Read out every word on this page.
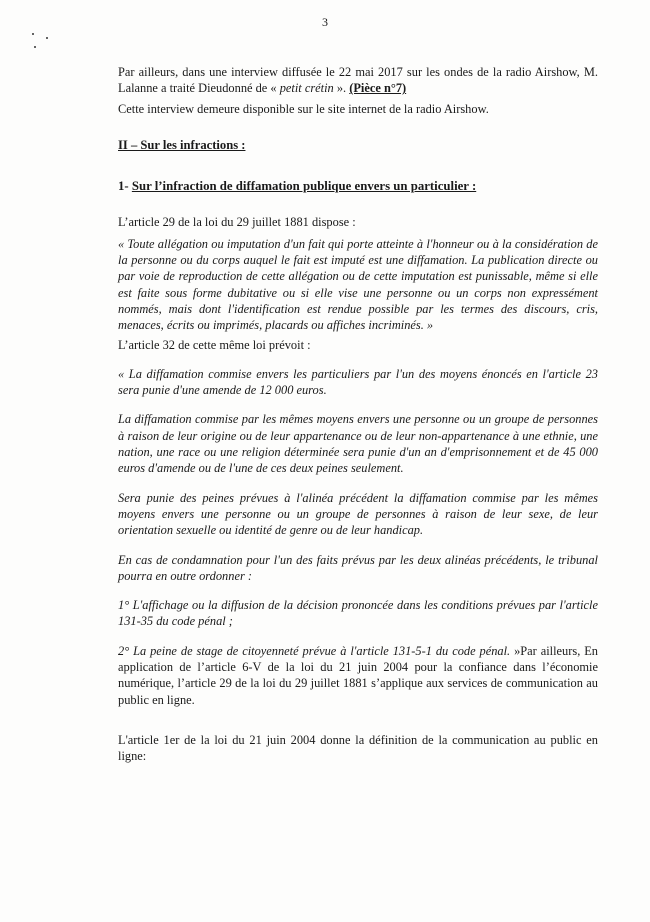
3

Par ailleurs, dans une interview diffusée le 22 mai 2017 sur les ondes de la radio Airshow, M. Lalanne a traité Dieudonné de « petit crétin ». (Pièce n°7)

Cette interview demeure disponible sur le site internet de la radio Airshow.

II – Sur les infractions :

1- Sur l’infraction de diffamation publique envers un particulier :

L’article 29 de la loi du 29 juillet 1881 dispose :

« Toute allégation ou imputation d'un fait qui porte atteinte à l'honneur ou à la considération de la personne ou du corps auquel le fait est imputé est une diffamation. La publication directe ou par voie de reproduction de cette allégation ou de cette imputation est punissable, même si elle est faite sous forme dubitative ou si elle vise une personne ou un corps non expressément nommés, mais dont l'identification est rendue possible par les termes des discours, cris, menaces, écrits ou imprimés, placards ou affiches incriminés. »

L’article 32 de cette même loi prévoit :

« La diffamation commise envers les particuliers par l'un des moyens énoncés en l'article 23 sera punie d'une amende de 12 000 euros.

La diffamation commise par les mêmes moyens envers une personne ou un groupe de personnes à raison de leur origine ou de leur appartenance ou de leur non-appartenance à une ethnie, une nation, une race ou une religion déterminée sera punie d'un an d'emprisonnement et de 45 000 euros d'amende ou de l'une de ces deux peines seulement.

Sera punie des peines prévues à l'alinéa précédent la diffamation commise par les mêmes moyens envers une personne ou un groupe de personnes à raison de leur sexe, de leur orientation sexuelle ou identité de genre ou de leur handicap.

En cas de condamnation pour l'un des faits prévus par les deux alinéas précédents, le tribunal pourra en outre ordonner :

1° L'affichage ou la diffusion de la décision prononcée dans les conditions prévues par l'article 131-35 du code pénal ;

2° La peine de stage de citoyenneté prévue à l'article 131-5-1 du code pénal. »Par ailleurs, En application de l’article 6-V de la loi du 21 juin 2004 pour la confiance dans l’économie numérique, l’article 29 de la loi du 29 juillet 1881 s’applique aux services de communication au public en ligne.

L'article 1er de la loi du 21 juin 2004 donne la définition de la communication au public en ligne:
